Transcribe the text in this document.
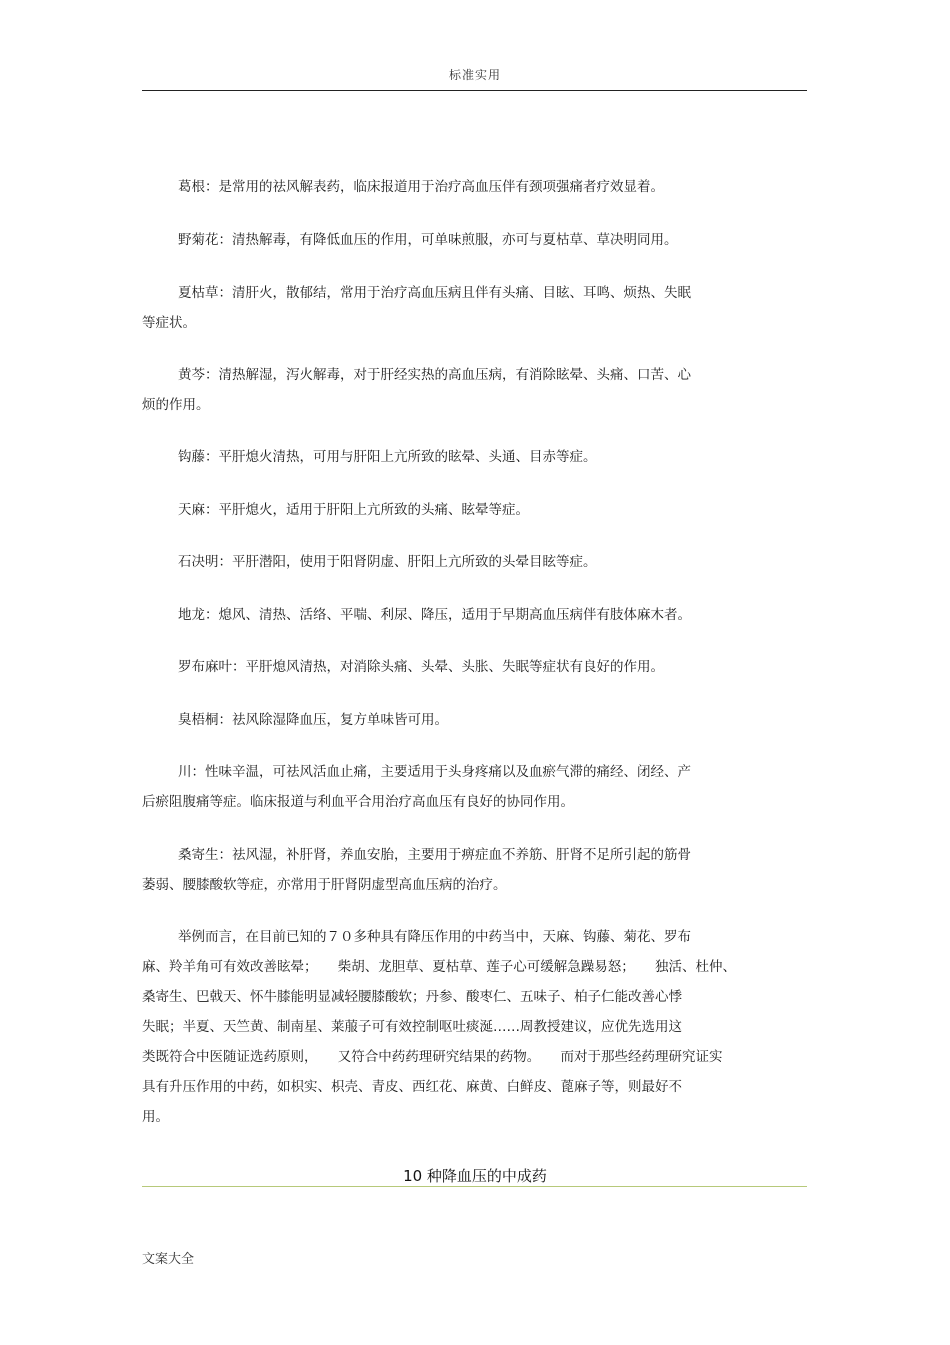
标准实用
葛根：是常用的祛风解表药，临床报道用于治疗高血压伴有颈项强痛者疗效显着。
野菊花：清热解毒，有降低血压的作用，可单味煎服，亦可与夏枯草、草决明同用。
夏枯草：清肝火，散郁结，常用于治疗高血压病且伴有头痛、目眩、耳鸣、烦热、失眠
等症状。
黄芩：清热解湿，泻火解毒，对于肝经实热的高血压病，有消除眩晕、头痛、口苦、心
烦的作用。
钩藤：平肝熄火清热，可用与肝阳上亢所致的眩晕、头通、目赤等症。
天麻：平肝熄火，适用于肝阳上亢所致的头痛、眩晕等症。
石决明：平肝潜阳，使用于阳肾阴虚、肝阳上亢所致的头晕目眩等症。
地龙：熄风、清热、活络、平喘、利尿、降压，适用于早期高血压病伴有肢体麻木者。
罗布麻叶：平肝熄风清热，对消除头痛、头晕、头胀、失眠等症状有良好的作用。
臭梧桐：祛风除湿降血压，复方单味皆可用。
川：性味辛温，可祛风活血止痛，主要适用于头身疼痛以及血瘀气滞的痛经、闭经、产
后瘀阻腹痛等症。临床报道与利血平合用治疗高血压有良好的协同作用。
桑寄生：祛风湿，补肝肾，养血安胎，主要用于痹症血不养筋、肝肾不足所引起的筋骨
萎弱、腰膝酸软等症，亦常用于肝肾阴虚型高血压病的治疗。
举例而言，在目前已知的７０多种具有降压作用的中药当中，天麻、钩藤、菊花、罗布
麻、羚羊角可有效改善眩晕；　　柴胡、龙胆草、夏枯草、莲子心可缓解急躁易怒；　　独活、杜仲、
桑寄生、巴戟天、怀牛膝能明显减轻腰膝酸软；丹参、酸枣仁、五味子、柏子仁能改善心悸
失眠；半夏、天竺黄、制南星、莱菔子可有效控制呕吐痰涎……周教授建议，应优先选用这
类既符合中医随证选药原则，　　又符合中药药理研究结果的药物。　　而对于那些经药理研究证实
具有升压作用的中药，如枳实、枳壳、青皮、西红花、麻黄、白鲜皮、蓖麻子等，则最好不
用。
10 种降血压的中成药
文案大全
